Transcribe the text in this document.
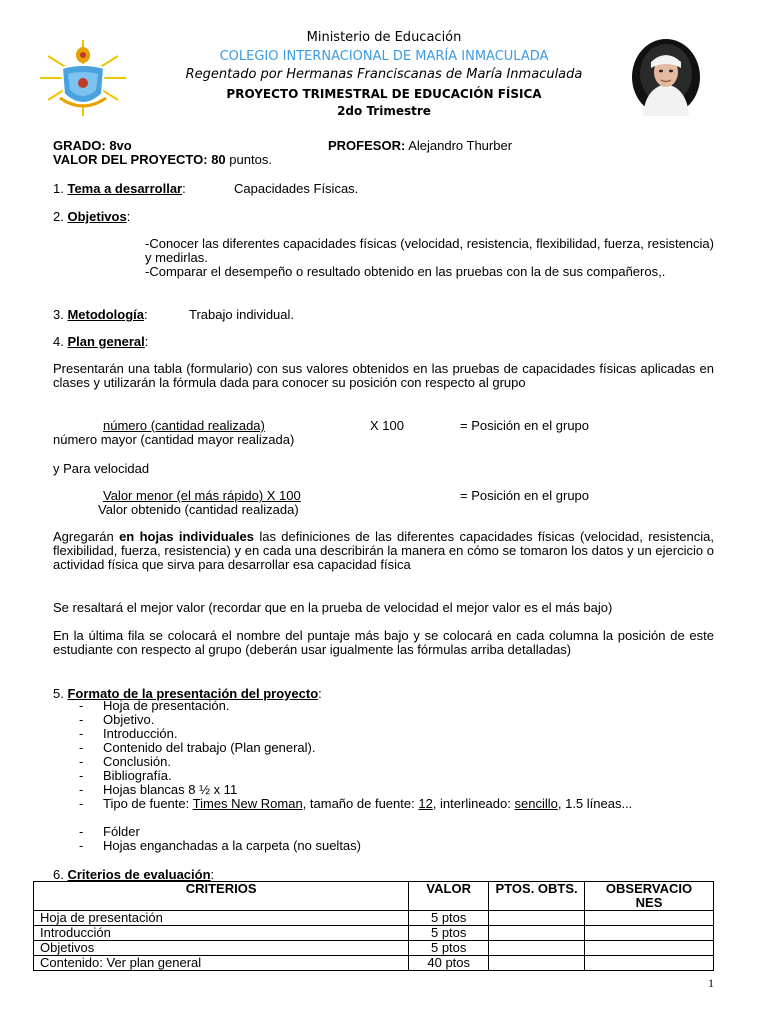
Ministerio de Educación
COLEGIO INTERNACIONAL DE MARÍA INMACULADA
Regentado por Hermanas Franciscanas de María Inmaculada
PROYECTO TRIMESTRAL DE EDUCACIÓN FÍSICA
2do Trimestre
GRADO: 8vo	PROFESOR: Alejandro Thurber
VALOR DEL PROYECTO: 80 puntos.
1. Tema a desarrollar:	Capacidades Físicas.
2. Objetivos:
-Conocer las diferentes capacidades físicas (velocidad, resistencia, flexibilidad, fuerza, resistencia) y medirlas.
-Comparar el desempeño o resultado obtenido en las pruebas con la de sus compañeros,.
3. Metodología:	Trabajo individual.
4. Plan general:
Presentarán una tabla (formulario) con sus valores obtenidos en las pruebas de capacidades físicas aplicadas en clases y utilizarán la fórmula dada para conocer su posición con respecto al grupo
número (cantidad realizada)	X 100	= Posición en el grupo
número mayor (cantidad mayor realizada)
y Para velocidad
Valor menor (el más rápido) X 100	= Posición en el grupo
Valor obtenido (cantidad realizada)
Agregarán en hojas individuales las definiciones de las diferentes capacidades físicas (velocidad, resistencia, flexibilidad, fuerza, resistencia) y en cada una describirán la manera en cómo se tomaron los datos y un ejercicio o actividad física que sirva para desarrollar esa capacidad física
Se resaltará el mejor valor (recordar que en la prueba de velocidad el mejor valor es el más bajo)
En la última fila se colocará el nombre del puntaje más bajo y se colocará en cada columna la posición de este estudiante con respecto al grupo (deberán usar igualmente las fórmulas arriba detalladas)
5. Formato de la presentación del proyecto:
- Hoja de presentación.
- Objetivo.
- Introducción.
- Contenido del trabajo (Plan general).
- Conclusión.
- Bibliografía.
- Hojas blancas 8 ½ x 11
- Tipo de fuente: Times New Roman, tamaño de fuente: 12, interlineado: sencillo, 1.5 líneas...
- Fólder
- Hojas enganchadas a la carpeta (no sueltas)
6. Criterios de evaluación:
CRITERIOS	VALOR	PTOS. OBTS.	OBSERVACIO NES
Hoja de presentación	5 ptos		
Introducción	5 ptos		
Objetivos	5 ptos		
Contenido: Ver plan general	40 ptos		
1
